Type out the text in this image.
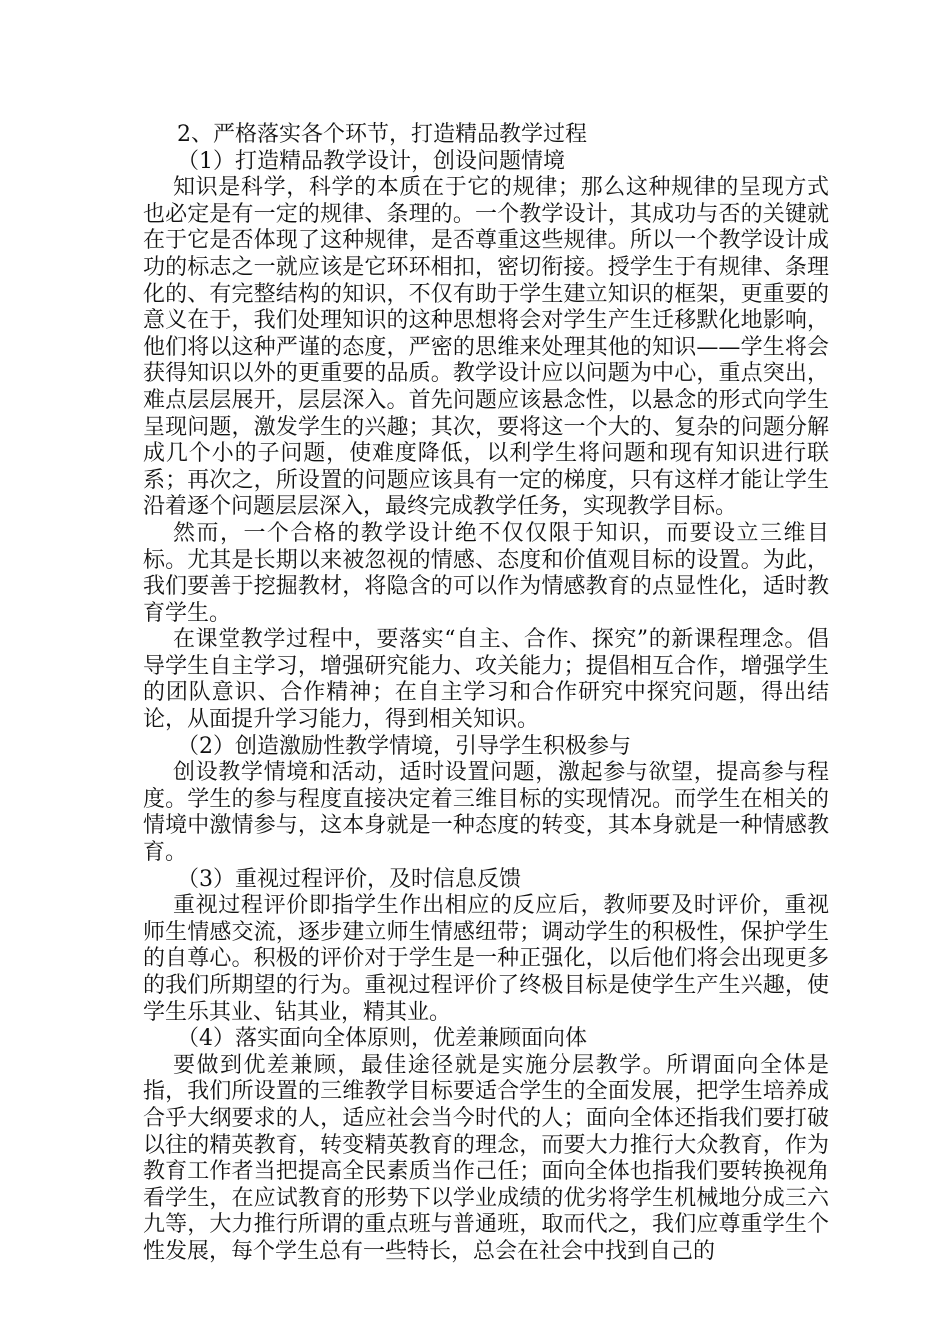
2、严格落实各个环节，打造精品教学过程

（1）打造精品教学设计，创设问题情境

知识是科学，科学的本质在于它的规律；那么这种规律的呈现方式也必定是有一定的规律、条理的。一个教学设计，其成功与否的关键就在于它是否体现了这种规律，是否尊重这些规律。所以一个教学设计成功的标志之一就应该是它环环相扣，密切衔接。授学生于有规律、条理化的、有完整结构的知识，不仅有助于学生建立知识的框架，更重要的意义在于，我们处理知识的这种思想将会对学生产生迁移默化地影响，他们将以这种严谨的态度，严密的思维来处理其他的知识——学生将会获得知识以外的更重要的品质。教学设计应以问题为中心，重点突出，难点层层展开，层层深入。首先问题应该悬念性，以悬念的形式向学生呈现问题，激发学生的兴趣；其次，要将这一个大的、复杂的问题分解成几个小的子问题，使难度降低，以利学生将问题和现有知识进行联系；再次之，所设置的问题应该具有一定的梯度，只有这样才能让学生沿着逐个问题层层深入，最终完成教学任务，实现教学目标。

然而，一个合格的教学设计绝不仅仅限于知识，而要设立三维目标。尤其是长期以来被忽视的情感、态度和价值观目标的设置。为此，我们要善于挖掘教材，将隐含的可以作为情感教育的点显性化，适时教育学生。

在课堂教学过程中，要落实“自主、合作、探究”的新课程理念。倡导学生自主学习，增强研究能力、攻关能力；提倡相互合作，增强学生的团队意识、合作精神；在自主学习和合作研究中探究问题，得出结论，从面提升学习能力，得到相关知识。

（2）创造激励性教学情境，引导学生积极参与

创设教学情境和活动，适时设置问题，激起参与欲望，提高参与程度。学生的参与程度直接决定着三维目标的实现情况。而学生在相关的情境中激情参与，这本身就是一种态度的转变，其本身就是一种情感教育。

（3）重视过程评价，及时信息反馈

重视过程评价即指学生作出相应的反应后，教师要及时评价，重视师生情感交流，逐步建立师生情感纽带；调动学生的积极性，保护学生的自尊心。积极的评价对于学生是一种正强化，以后他们将会出现更多的我们所期望的行为。重视过程评价了终极目标是使学生产生兴趣，使学生乐其业、钻其业，精其业。

（4）落实面向全体原则，优差兼顾面向体

要做到优差兼顾，最佳途径就是实施分层教学。所谓面向全体是指，我们所设置的三维教学目标要适合学生的全面发展，把学生培养成合乎大纲要求的人，适应社会当今时代的人；面向全体还指我们要打破以往的精英教育，转变精英教育的理念，而要大力推行大众教育，作为教育工作者当把提高全民素质当作己任；面向全体也指我们要转换视角看学生，在应试教育的形势下以学业成绩的优劣将学生机械地分成三六九等，大力推行所谓的重点班与普通班，取而代之，我们应尊重学生个性发展，每个学生总有一些特长，总会在社会中找到自己的
